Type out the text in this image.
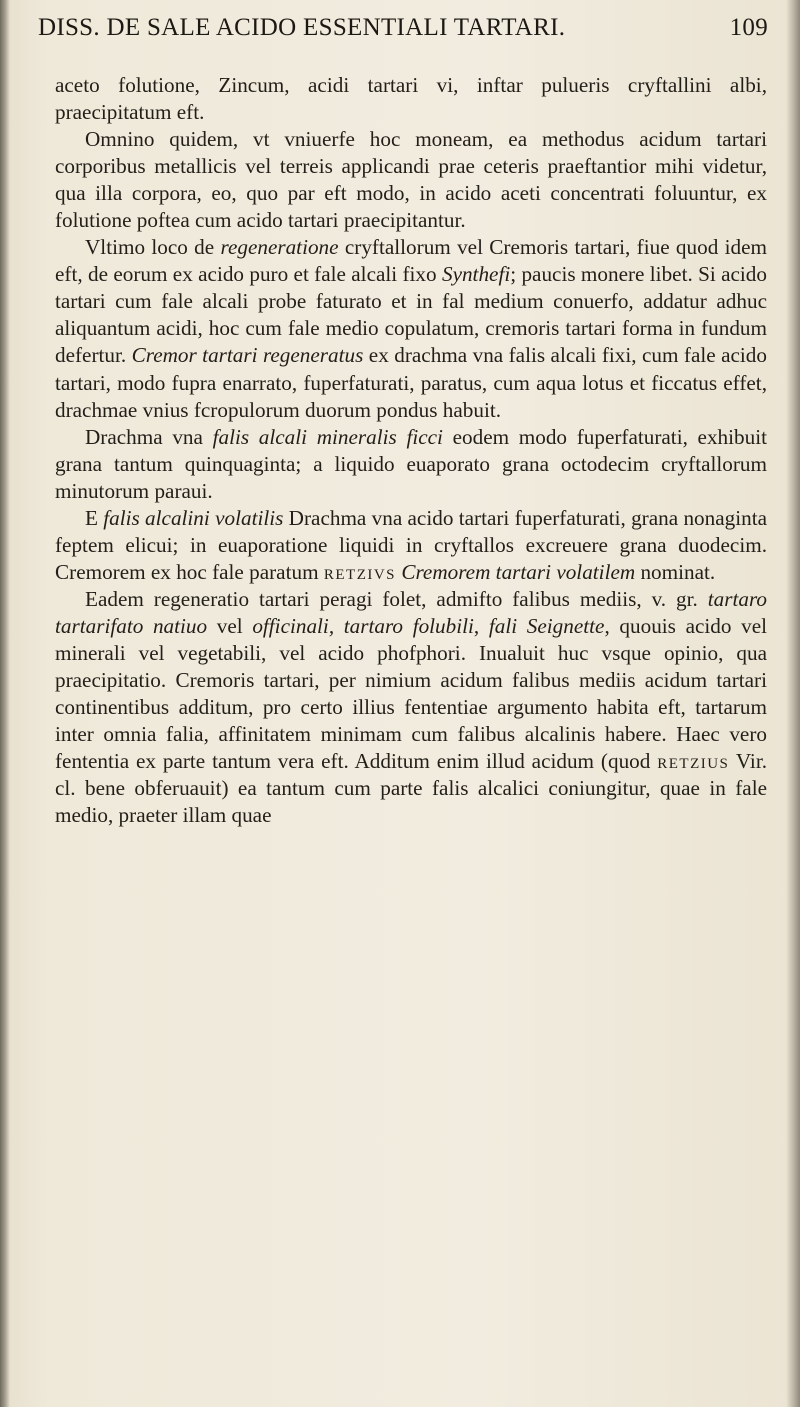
DISS. DE SALE ACIDO ESSENTIALI TARTARI.	109

aceto folutione, Zincum, acidi tartari vi, inftar pulueris cryftallini albi, praecipitatum eft.

Omnino quidem, vt vniuerfe hoc moneam, ea methodus acidum tartari corporibus metallicis vel terreis applicandi prae ceteris praeftantior mihi videtur, qua illa corpora, eo, quo par eft modo, in acido aceti concentrati foluuntur, ex folutione poftea cum acido tartari praecipitantur.

Vltimo loco de regeneratione cryftallorum vel Cremoris tartari, fiue quod idem eft, de eorum ex acido puro et fale alcali fixo Synthefi; paucis monere libet. Si acido tartari cum fale alcali probe faturato et in fal medium conuerfo, addatur adhuc aliquantum acidi, hoc cum fale medio copulatum, cremoris tartari forma in fundum defertur. Cremor tartari regeneratus ex drachma vna falis alcali fixi, cum fale acido tartari, modo fupra enarrato, fuperfaturati, paratus, cum aqua lotus et ficcatus effet, drachmae vnius fcropulorum duorum pondus habuit.

Drachma vna falis alcali mineralis ficci eodem modo fuperfaturati, exhibuit grana tantum quinquaginta; a liquido euaporato grana octodecim cryftallorum minutorum paraui.

E falis alcalini volatilis Drachma vna acido tartari fuperfaturati, grana nonaginta feptem elicui; in euaporatione liquidi in cryftallos excreuere grana duodecim. Cremorem ex hoc fale paratum retzivs Cremorem tartari volatilem nominat.

Eadem regeneratio tartari peragi folet, admifto falibus mediis, v. gr. tartaro tartarifato natiuo vel officinali, tartaro folubili, fali Seignette, quouis acido vel minerali vel vegetabili, vel acido phofphori. Inualuit huc vsque opinio, qua praecipitatio. Cremoris tartari, per nimium acidum falibus mediis acidum tartari continentibus additum, pro certo illius fententiae argumento habita eft, tartarum inter omnia falia, affinitatem minimam cum falibus alcalinis habere. Haec vero fententia ex parte tantum vera eft. Additum enim illud acidum (quod retzius Vir. cl. bene obferuauit) ea tantum cum parte falis alcalici coniungitur, quae in fale medio, praeter illam quae
